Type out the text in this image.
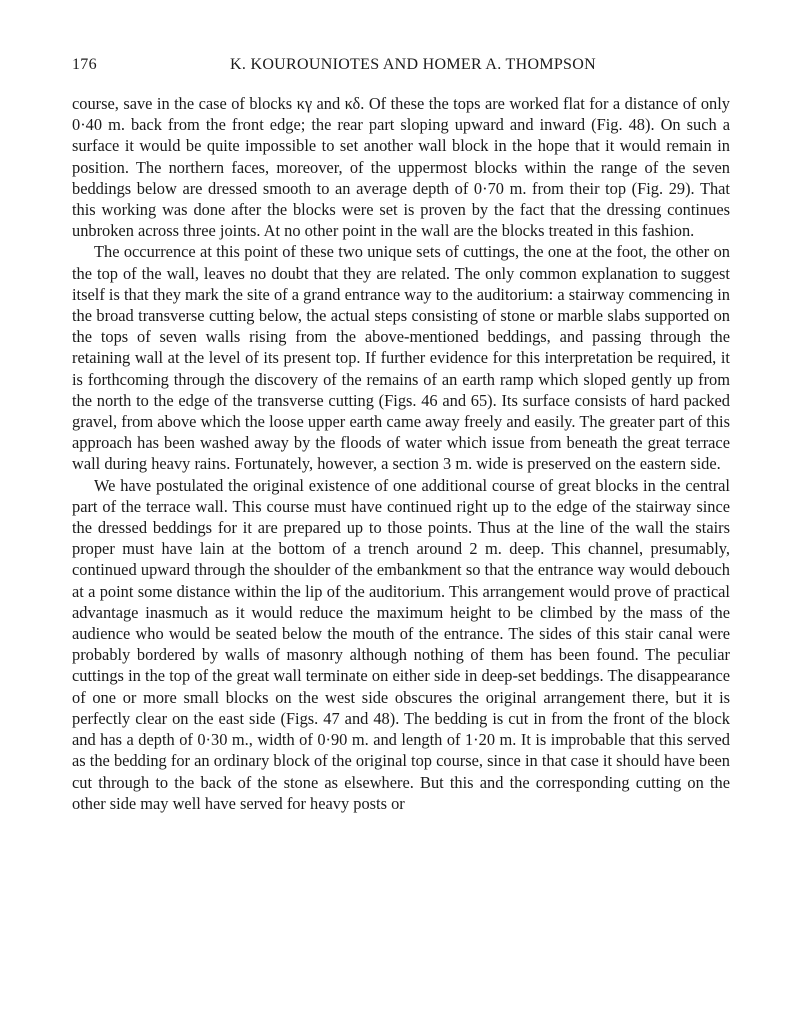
176	K. KOUROUNIOTES AND HOMER A. THOMPSON

course, save in the case of blocks κγ and κδ. Of these the tops are worked flat for a distance of only 0·40 m. back from the front edge; the rear part sloping upward and inward (Fig. 48). On such a surface it would be quite impossible to set another wall block in the hope that it would remain in position. The northern faces, moreover, of the uppermost blocks within the range of the seven beddings below are dressed smooth to an average depth of 0·70 m. from their top (Fig. 29). That this working was done after the blocks were set is proven by the fact that the dressing continues unbroken across three joints. At no other point in the wall are the blocks treated in this fashion.

The occurrence at this point of these two unique sets of cuttings, the one at the foot, the other on the top of the wall, leaves no doubt that they are related. The only common explanation to suggest itself is that they mark the site of a grand entrance way to the auditorium: a stairway commencing in the broad transverse cutting below, the actual steps consisting of stone or marble slabs supported on the tops of seven walls rising from the above-mentioned beddings, and passing through the retaining wall at the level of its present top. If further evidence for this interpretation be required, it is forthcoming through the discovery of the remains of an earth ramp which sloped gently up from the north to the edge of the transverse cutting (Figs. 46 and 65). Its surface consists of hard packed gravel, from above which the loose upper earth came away freely and easily. The greater part of this approach has been washed away by the floods of water which issue from beneath the great terrace wall during heavy rains. Fortunately, however, a section 3 m. wide is preserved on the eastern side.

We have postulated the original existence of one additional course of great blocks in the central part of the terrace wall. This course must have continued right up to the edge of the stairway since the dressed beddings for it are prepared up to those points. Thus at the line of the wall the stairs proper must have lain at the bottom of a trench around 2 m. deep. This channel, presumably, continued upward through the shoulder of the embankment so that the entrance way would debouch at a point some distance within the lip of the auditorium. This arrangement would prove of practical advantage inasmuch as it would reduce the maximum height to be climbed by the mass of the audience who would be seated below the mouth of the entrance. The sides of this stair canal were probably bordered by walls of masonry although nothing of them has been found. The peculiar cuttings in the top of the great wall terminate on either side in deep-set beddings. The disappearance of one or more small blocks on the west side obscures the original arrangement there, but it is perfectly clear on the east side (Figs. 47 and 48). The bedding is cut in from the front of the block and has a depth of 0·30 m., width of 0·90 m. and length of 1·20 m. It is improbable that this served as the bedding for an ordinary block of the original top course, since in that case it should have been cut through to the back of the stone as elsewhere. But this and the corresponding cutting on the other side may well have served for heavy posts or
